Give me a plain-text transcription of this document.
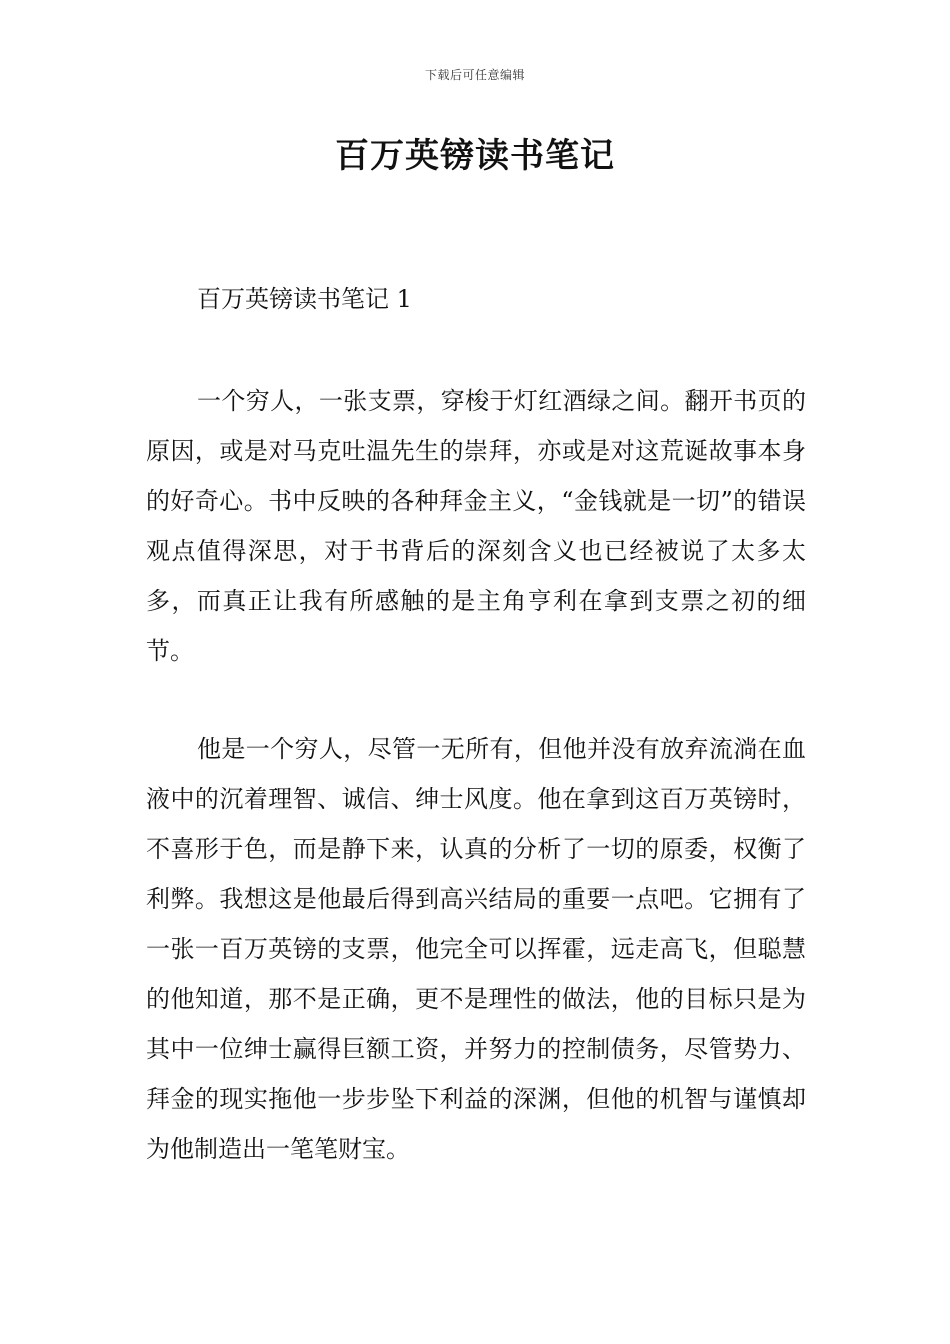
下载后可任意编辑
百万英镑读书笔记

百万英镑读书笔记 1

一个穷人，一张支票，穿梭于灯红酒绿之间。翻开书页的原因，或是对马克吐温先生的崇拜，亦或是对这荒诞故事本身的好奇心。书中反映的各种拜金主义，“金钱就是一切”的错误观点值得深思，对于书背后的深刻含义也已经被说了太多太多，而真正让我有所感触的是主角亨利在拿到支票之初的细节。

他是一个穷人，尽管一无所有，但他并没有放弃流淌在血液中的沉着理智、诚信、绅士风度。他在拿到这百万英镑时，不喜形于色，而是静下来，认真的分析了一切的原委，权衡了利弊。我想这是他最后得到高兴结局的重要一点吧。它拥有了一张一百万英镑的支票，他完全可以挥霍，远走高飞，但聪慧的他知道，那不是正确，更不是理性的做法，他的目标只是为其中一位绅士赢得巨额工资，并努力的控制债务，尽管势力、拜金的现实拖他一步步坠下利益的深渊，但他的机智与谨慎却为他制造出一笔笔财宝。
